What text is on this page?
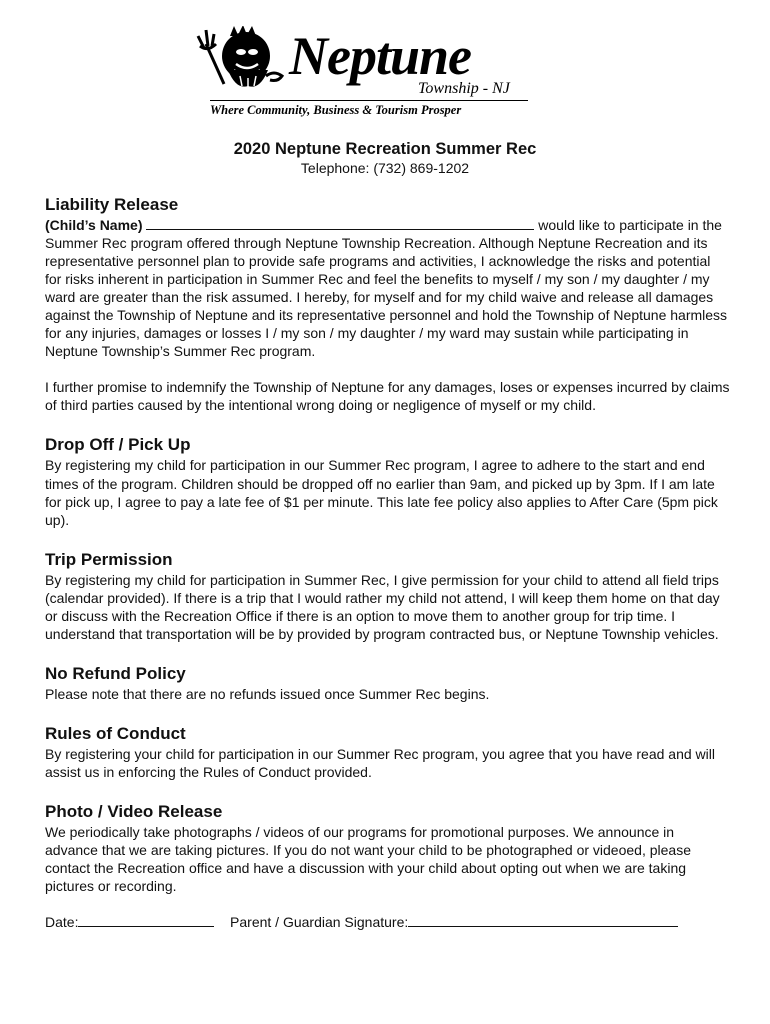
Neptune
Township - NJ
Where Community, Business & Tourism Prosper
2020 Neptune Recreation Summer Rec
Telephone: (732) 869-1202

Liability Release

(Child’s Name)	would like to participate in the Summer Rec program offered through Neptune Township Recreation. Although Neptune Recreation and its representative personnel plan to provide safe programs and activities, I acknowledge the risks and potential for risks inherent in participation in Summer Rec and feel the benefits to myself / my son / my daughter / my ward are greater than the risk assumed. I hereby, for myself and for my child waive and release all damages against the Township of Neptune and its representative personnel and hold the Township of Neptune harmless for any injuries, damages or losses I / my son / my daughter / my ward may sustain while participating in Neptune Township’s Summer Rec program.

I further promise to indemnify the Township of Neptune for any damages, loses or expenses incurred by claims of third parties caused by the intentional wrong doing or negligence of myself or my child.

Drop Off / Pick Up

By registering my child for participation in our Summer Rec program, I agree to adhere to the start and end times of the program. Children should be dropped off no earlier than 9am, and picked up by 3pm. If I am late for pick up, I agree to pay a late fee of $1 per minute. This late fee policy also applies to After Care (5pm pick up).

Trip Permission

By registering my child for participation in Summer Rec, I give permission for your child to attend all field trips (calendar provided). If there is a trip that I would rather my child not attend, I will keep them home on that day or discuss with the Recreation Office if there is an option to move them to another group for trip time. I understand that transportation will be by provided by program contracted bus, or Neptune Township vehicles.

No Refund Policy

Please note that there are no refunds issued once Summer Rec begins.

Rules of Conduct

By registering your child for participation in our Summer Rec program, you agree that you have read and will assist us in enforcing the Rules of Conduct provided.

Photo / Video Release

We periodically take photographs / videos of our programs for promotional purposes. We announce in advance that we are taking pictures. If you do not want your child to be photographed or videoed, please contact the Recreation office and have a discussion with your child about opting out when we are taking pictures or recording.

Date:	Parent / Guardian Signature:
